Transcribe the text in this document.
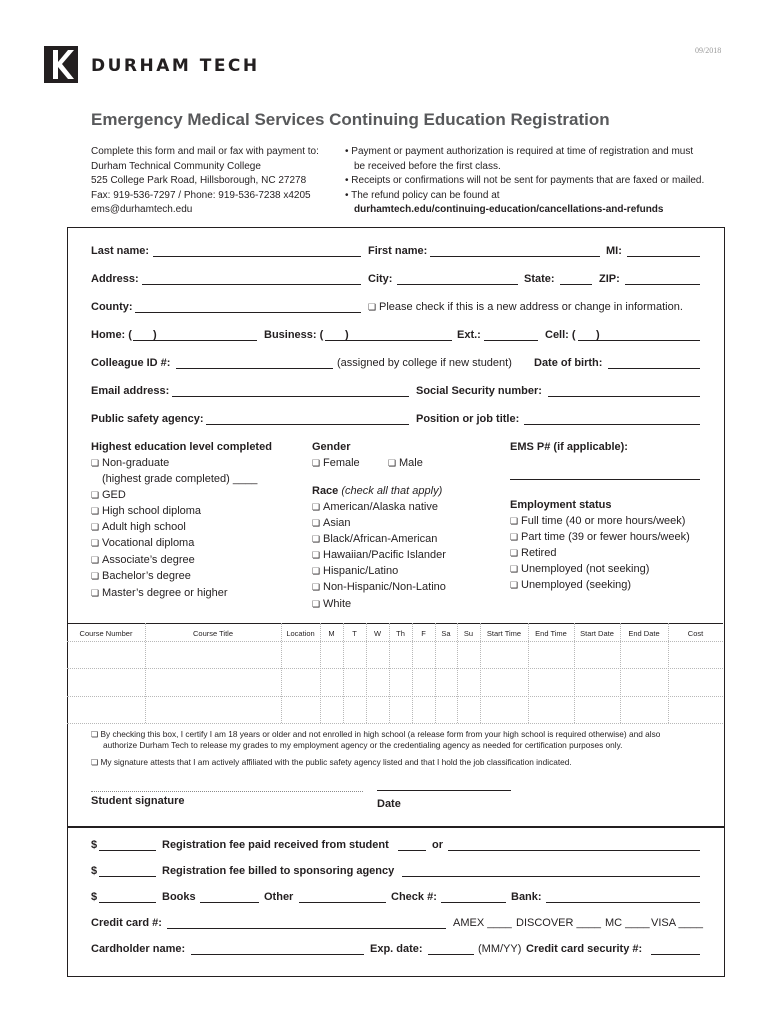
09/2018
DURHAM TECH
Emergency Medical Services Continuing Education Registration
Complete this form and mail or fax with payment to:
Durham Technical Community College
525 College Park Road, Hillsborough, NC 27278
Fax: 919-536-7297 / Phone: 919-536-7238 x4205
ems@durhamtech.edu
• Payment or payment authorization is required at time of registration and must
be received before the first class.
• Receipts or confirmations will not be sent for payments that are faxed or mailed.
• The refund policy can be found at
durhamtech.edu/continuing-education/cancellations-and-refunds
Last name:	First name:	MI:
Address:	City:	State:	ZIP:
County:	❏ Please check if this is a new address or change in information.
Home: ( )	Business: ( )	Ext.:	Cell: ( )
Colleague ID #:	(assigned by college if new student) Date of birth:
Email address:	Social Security number:
Public safety agency:	Position or job title:
Highest education level completed
❏ Non-graduate
(highest grade completed) ____
❏ GED
❏ High school diploma
❏ Adult high school
❏ Vocational diploma
❏ Associate’s degree
❏ Bachelor’s degree
❏ Master’s degree or higher
Gender
❏ Female	❏ Male
Race (check all that apply)
❏ American/Alaska native
❏ Asian
❏ Black/African-American
❏ Hawaiian/Pacific Islander
❏ Hispanic/Latino
❏ Non-Hispanic/Non-Latino
❏ White
EMS P# (if applicable):
Employment status
❏ Full time (40 or more hours/week)
❏ Part time (39 or fewer hours/week)
❏ Retired
❏ Unemployed (not seeking)
❏ Unemployed (seeking)
Course Number	Course Title	Location	M	T	W	Th	F	Sa	Su	Start Time	End Time	Start Date	End Date	Cost
❏ By checking this box, I certify I am 18 years or older and not enrolled in high school (a release form from your high school is required otherwise) and also
authorize Durham Tech to release my grades to my employment agency or the credentialing agency as needed for certification purposes only.
❏ My signature attests that I am actively affiliated with the public safety agency listed and that I hold the job classification indicated.
Student signature	Date
$	Registration fee paid received from student	or
$	Registration fee billed to sponsoring agency
$	Books	Other	Check #:	Bank:
Credit card #:	AMEX ____ DISCOVER ____ MC ____ VISA ____
Cardholder name:	Exp. date:	(MM/YY) Credit card security #:
